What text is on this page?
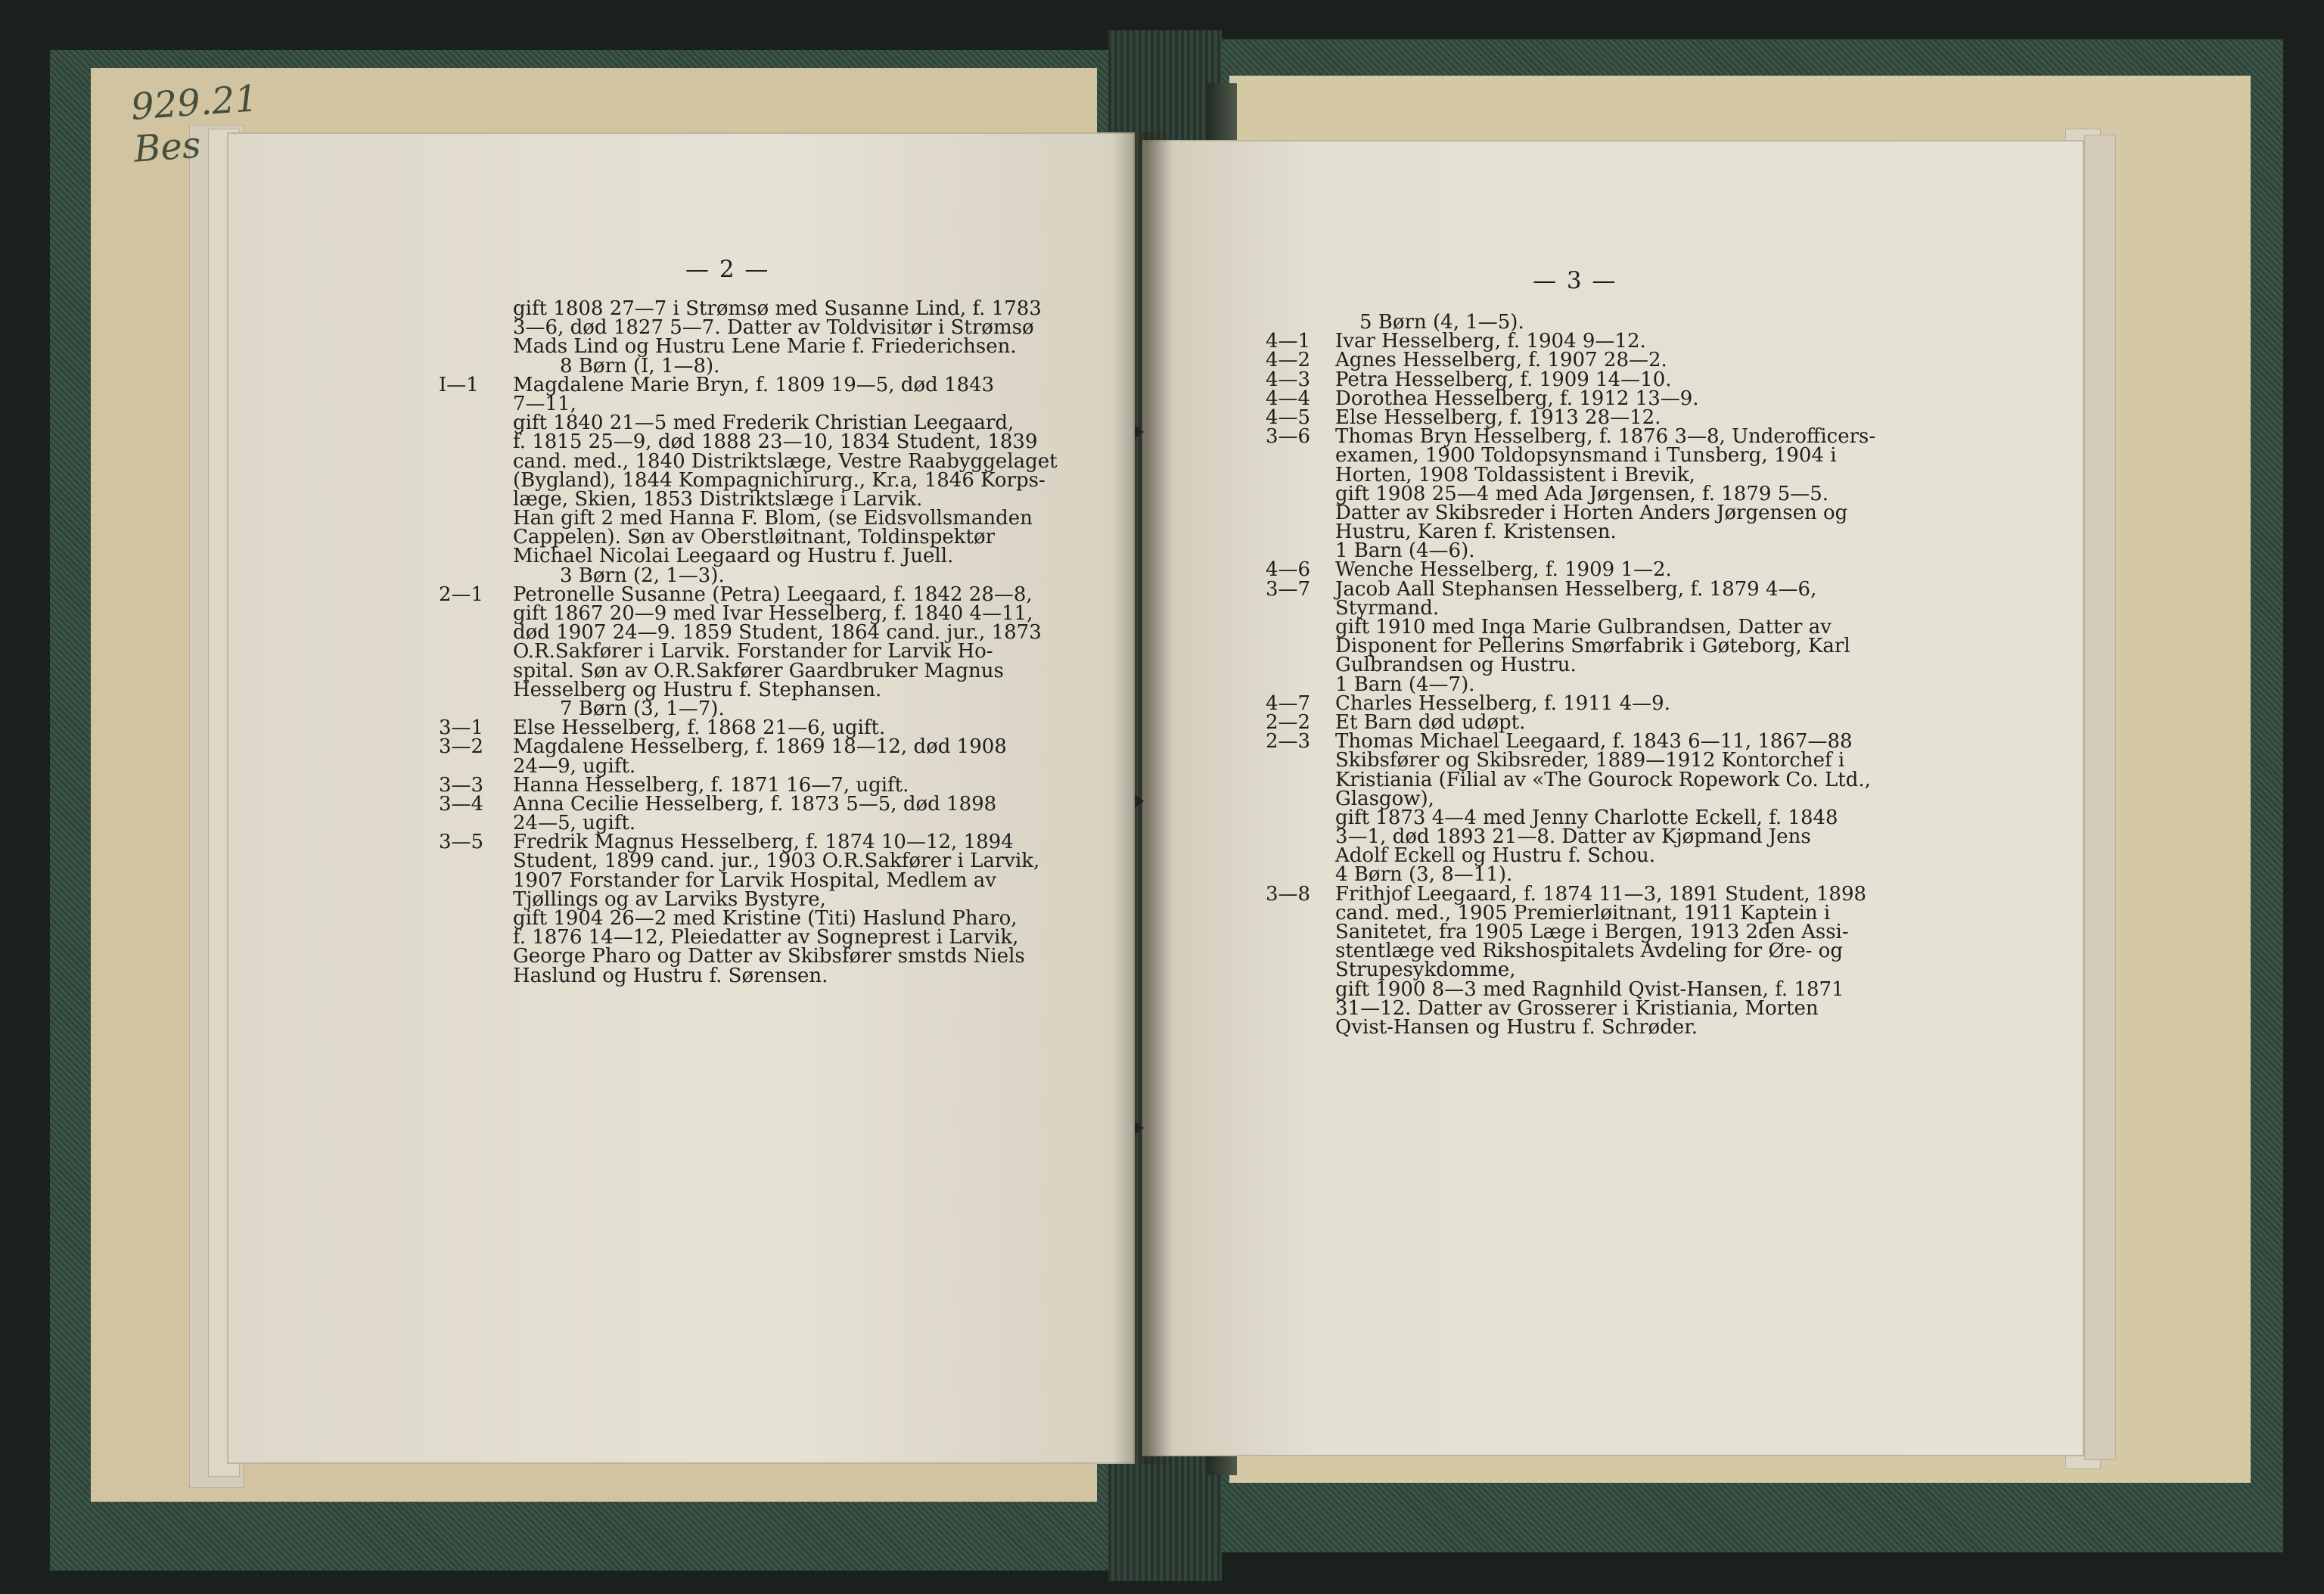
929.21
Bes
— 2 —	— 3 —
gift 1808 27—7 i Strømsø med Susanne Lind, f. 1783
3—6, død 1827 5—7. Datter av Toldvisitør i Strømsø
Mads Lind og Hustru Lene Marie f. Friederichsen.
8 Børn (I, 1—8).
I—1 Magdalene Marie Bryn, f. 1809 19—5, død 1843
7—11,
gift 1840 21—5 med Frederik Christian Leegaard,
f. 1815 25—9, død 1888 23—10, 1834 Student, 1839
cand. med., 1840 Distriktslæge, Vestre Raabyggelaget
(Bygland), 1844 Kompagnichirurg., Kr.a, 1846 Korps-
læge, Skien, 1853 Distriktslæge i Larvik.
Han gift 2 med Hanna F. Blom, (se Eidsvollsmanden
Cappelen). Søn av Oberstløitnant, Toldinspektør
Michael Nicolai Leegaard og Hustru f. Juell.
3 Børn (2, 1—3).
2—1 Petronelle Susanne (Petra) Leegaard, f. 1842 28—8,
gift 1867 20—9 med Ivar Hesselberg, f. 1840 4—11,
død 1907 24—9. 1859 Student, 1864 cand. jur., 1873
O.R.Sakfører i Larvik. Forstander for Larvik Ho-
spital. Søn av O.R.Sakfører Gaardbruker Magnus
Hesselberg og Hustru f. Stephansen.
7 Børn (3, 1—7).
3—1 Else Hesselberg, f. 1868 21—6, ugift.
3—2 Magdalene Hesselberg, f. 1869 18—12, død 1908
24—9, ugift.
3—3 Hanna Hesselberg, f. 1871 16—7, ugift.
3—4 Anna Cecilie Hesselberg, f. 1873 5—5, død 1898
24—5, ugift.
3—5 Fredrik Magnus Hesselberg, f. 1874 10—12, 1894
Student, 1899 cand. jur., 1903 O.R.Sakfører i Larvik,
1907 Forstander for Larvik Hospital, Medlem av
Tjøllings og av Larviks Bystyre,
gift 1904 26—2 med Kristine (Titi) Haslund Pharo,
f. 1876 14—12, Pleiedatter av Sogneprest i Larvik,
George Pharo og Datter av Skibsfører smstds Niels
Haslund og Hustru f. Sørensen.
5 Børn (4, 1—5).
4—1 Ivar Hesselberg, f. 1904 9—12.
4—2 Agnes Hesselberg, f. 1907 28—2.
4—3 Petra Hesselberg, f. 1909 14—10.
4—4 Dorothea Hesselberg, f. 1912 13—9.
4—5 Else Hesselberg, f. 1913 28—12.
3—6 Thomas Bryn Hesselberg, f. 1876 3—8, Underofficers-
examen, 1900 Toldopsynsmand i Tunsberg, 1904 i
Horten, 1908 Toldassistent i Brevik,
gift 1908 25—4 med Ada Jørgensen, f. 1879 5—5.
Datter av Skibsreder i Horten Anders Jørgensen og
Hustru, Karen f. Kristensen.
1 Barn (4—6).
4—6 Wenche Hesselberg, f. 1909 1—2.
3—7 Jacob Aall Stephansen Hesselberg, f. 1879 4—6,
Styrmand.
gift 1910 med Inga Marie Gulbrandsen, Datter av
Disponent for Pellerins Smørfabrik i Gøteborg, Karl
Gulbrandsen og Hustru.
1 Barn (4—7).
4—7 Charles Hesselberg, f. 1911 4—9.
2—2 Et Barn død udøpt.
2—3 Thomas Michael Leegaard, f. 1843 6—11, 1867—88
Skibsfører og Skibsreder, 1889—1912 Kontorchef i
Kristiania (Filial av «The Gourock Ropework Co. Ltd.,
Glasgow),
gift 1873 4—4 med Jenny Charlotte Eckell, f. 1848
3—1, død 1893 21—8. Datter av Kjøpmand Jens
Adolf Eckell og Hustru f. Schou.
4 Børn (3, 8—11).
3—8 Frithjof Leegaard, f. 1874 11—3, 1891 Student, 1898
cand. med., 1905 Premierløitnant, 1911 Kaptein i
Sanitetet, fra 1905 Læge i Bergen, 1913 2den Assi-
stentlæge ved Rikshospitalets Avdeling for Øre- og
Strupesykdomme,
gift 1900 8—3 med Ragnhild Qvist-Hansen, f. 1871
31—12. Datter av Grosserer i Kristiania, Morten
Qvist-Hansen og Hustru f. Schrøder.
